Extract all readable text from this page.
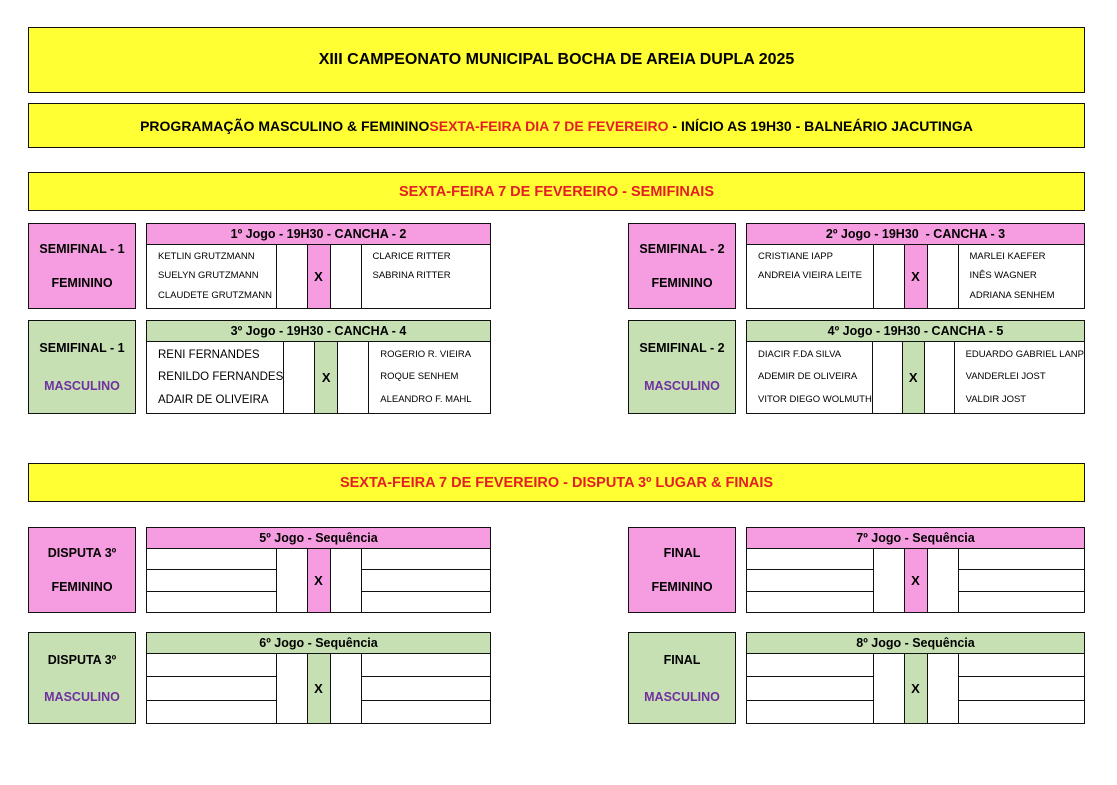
XIII CAMPEONATO MUNICIPAL BOCHA DE AREIA DUPLA 2025
PROGRAMAÇÃO MASCULINO & FEMININO SEXTA-FEIRA DIA 7 DE FEVEREIRO - INÍCIO AS 19H30 - BALNEÁRIO JACUTINGA
SEXTA-FEIRA 7 DE FEVEREIRO - SEMIFINAIS
SEMIFINAL - 1
FEMININO
1º Jogo - 19H30 - CANCHA - 2
KETLIN GRUTZMANN
SUELYN GRUTZMANN
CLAUDETE GRUTZMANN
X
CLARICE RITTER
SABRINA RITTER
SEMIFINAL - 2
FEMININO
2º Jogo - 19H30  - CANCHA - 3
CRISTIANE IAPP
ANDREIA VIEIRA LEITE	X
MARLEI KAEFER
INÊS WAGNER
ADRIANA SENHEM
SEMIFINAL - 1
MASCULINO
3º Jogo - 19H30 - CANCHA - 4
RENI FERNANDES
RENILDO FERNANDES
ADAIR DE OLIVEIRA
X
ROGERIO R. VIEIRA
ROQUE SENHEM
ALEANDRO F. MAHL
SEMIFINAL - 2
MASCULINO
4º Jogo - 19H30 - CANCHA - 5
DIACIR F.DA SILVA
ADEMIR DE OLIVEIRA
VITOR DIEGO WOLMUTH
X
EDUARDO GABRIEL LANP
VANDERLEI JOST
VALDIR JOST
SEXTA-FEIRA 7 DE FEVEREIRO - DISPUTA 3º LUGAR & FINAIS
DISPUTA 3º
FEMININO
5º Jogo - Sequência
X
FINAL
FEMININO
7º Jogo - Sequência
X
DISPUTA 3º
MASCULINO
6º Jogo - Sequência
X
FINAL
MASCULINO
8º Jogo - Sequência
X
